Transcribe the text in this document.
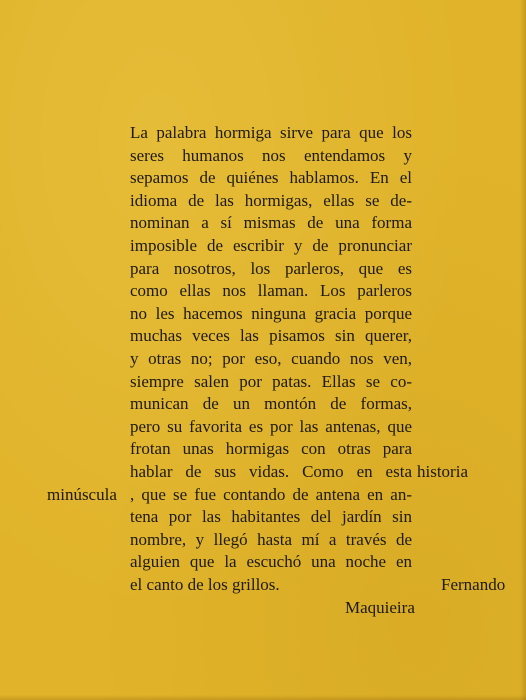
La palabra hormiga sirve para que los
seres humanos nos entendamos y
sepamos de quiénes hablamos. En el
idioma de las hormigas, ellas se de-
nominan a sí mismas de una forma
imposible de escribir y de pronunciar
para nosotros, los parleros, que es
como ellas nos llaman. Los parleros
no les hacemos ninguna gracia porque
muchas veces las pisamos sin querer,
y otras no; por eso, cuando nos ven,
siempre salen por patas. Ellas se co-
munican de un montón de formas,
pero su favorita es por las antenas, que
frotan unas hormigas con otras para
hablar de sus vidas. Como en esta historia
minúscula , que se fue contando de antena en an-
tena por las habitantes del jardín sin
nombre, y llegó hasta mí a través de
alguien que la escuchó una noche en
el canto de los grillos.	Fernando
Maquieira
